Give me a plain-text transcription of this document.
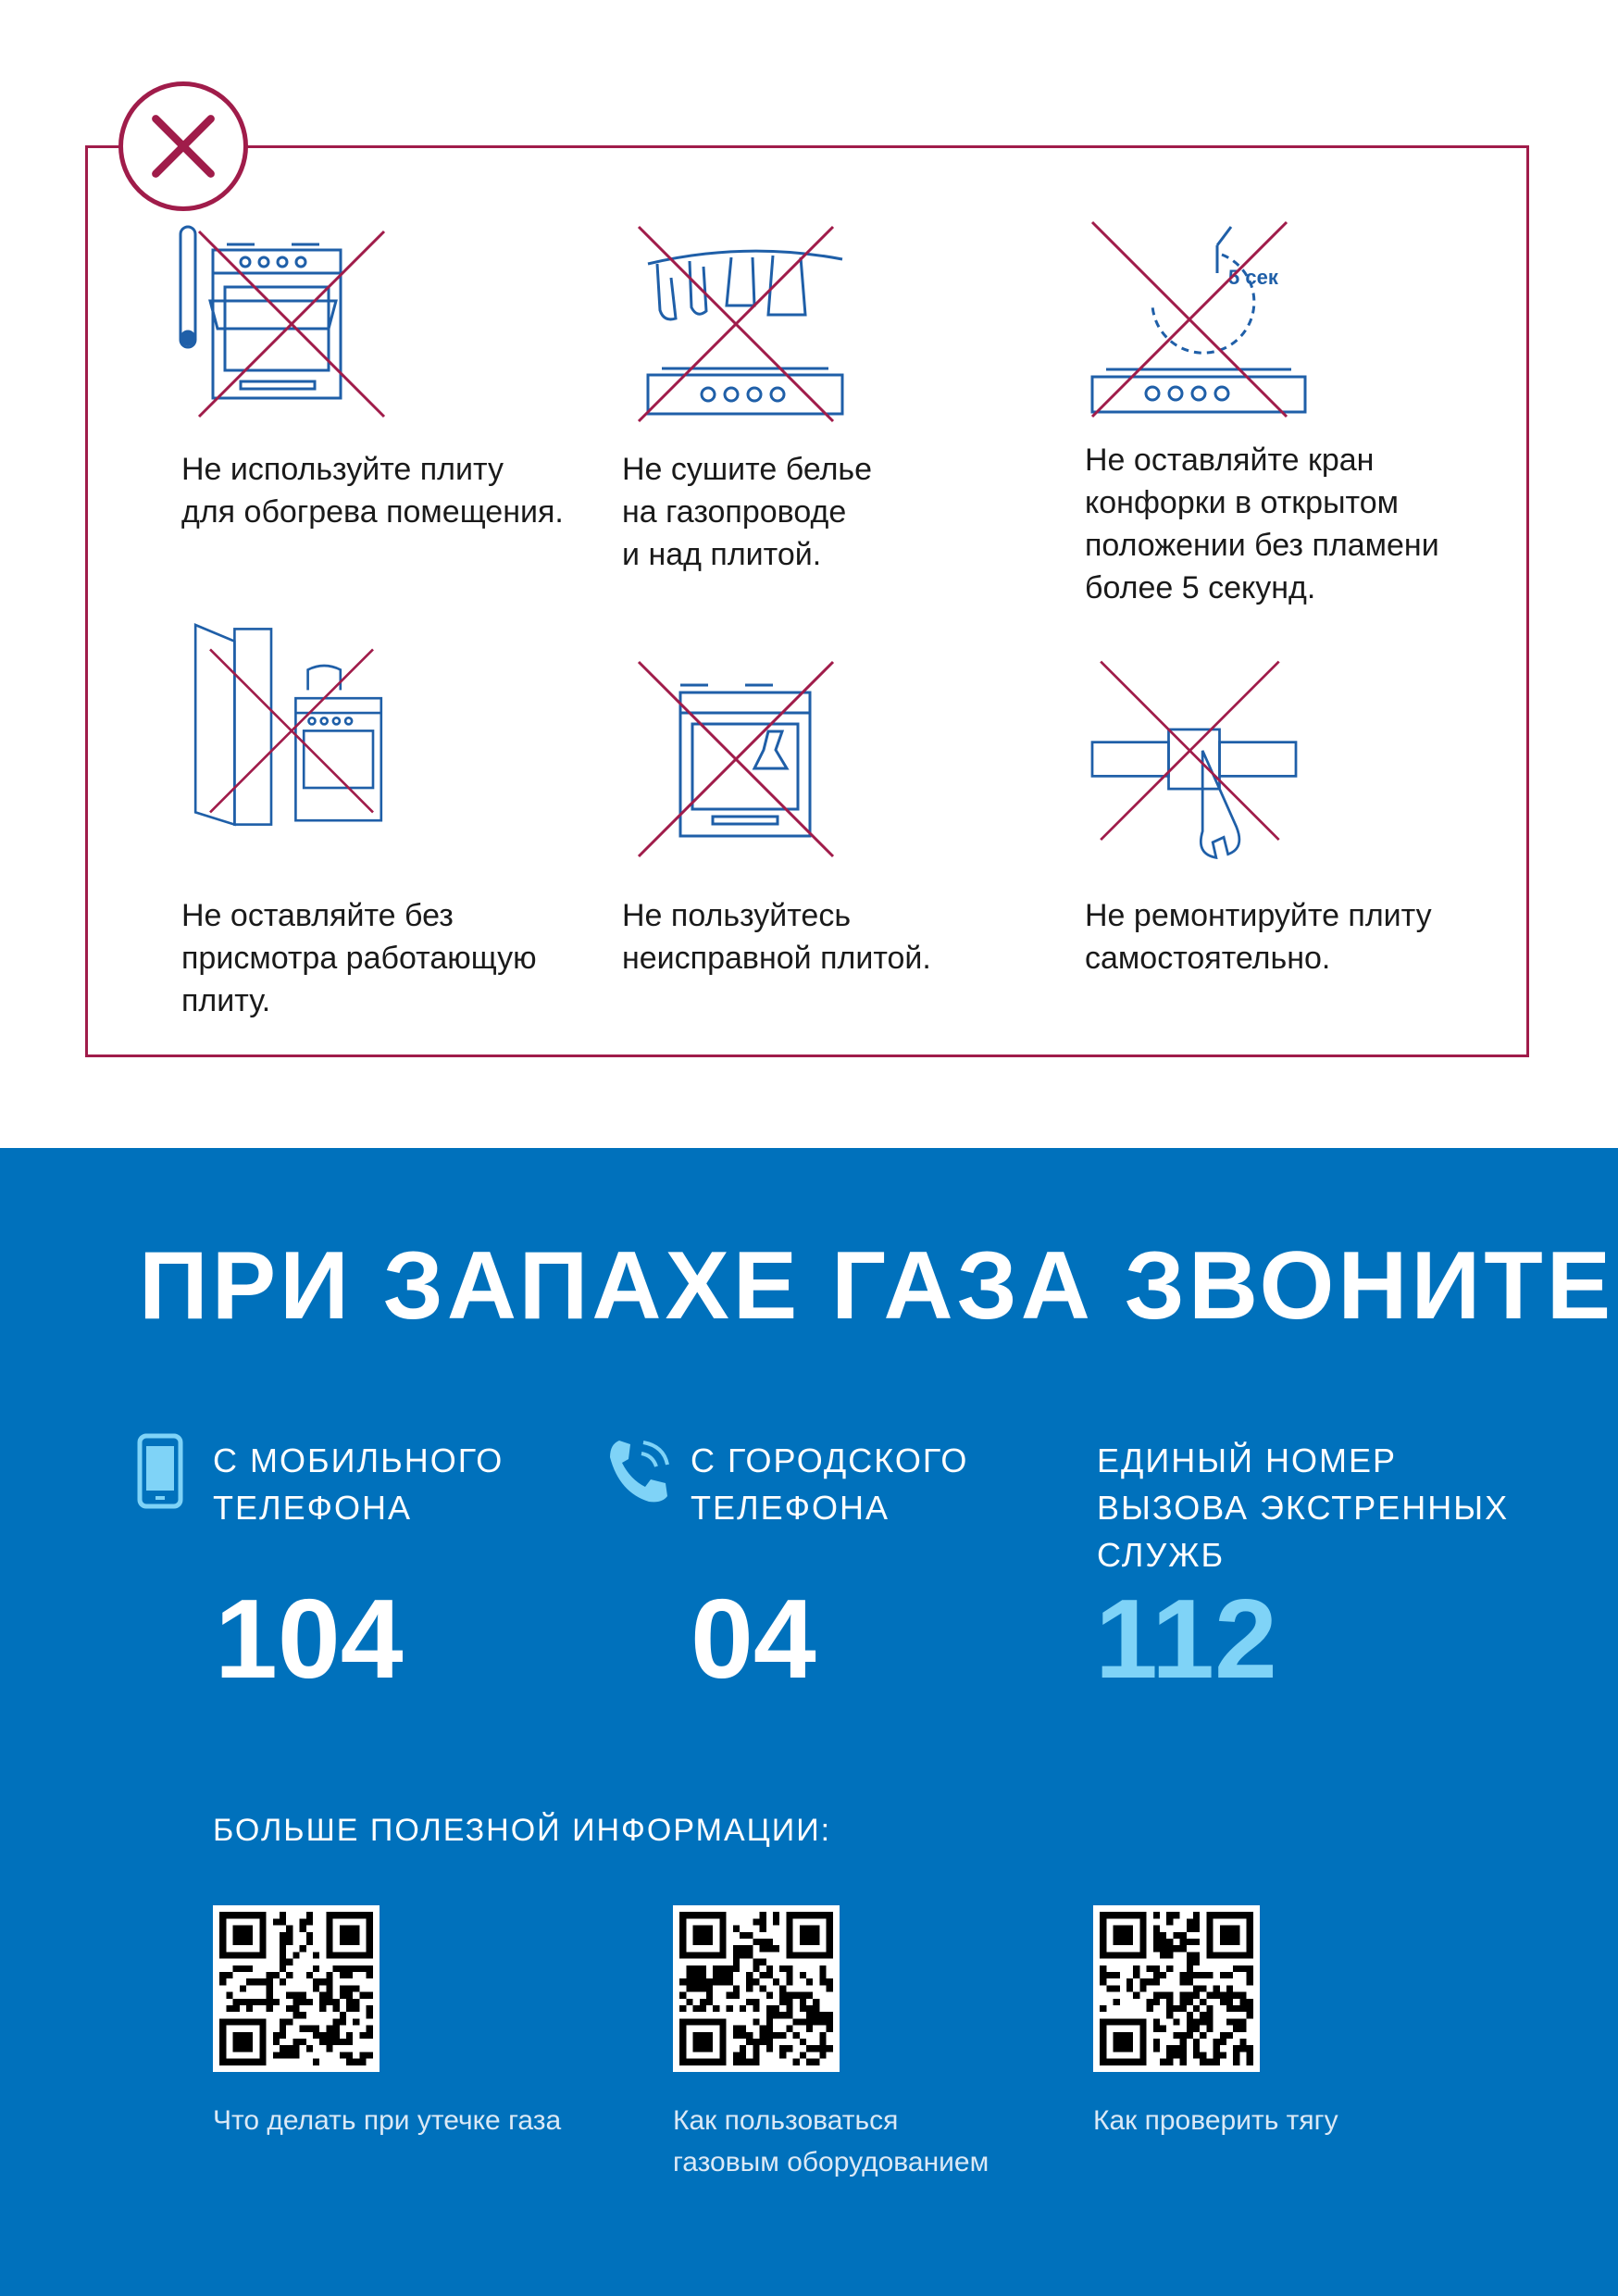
5 сек
Не используйте плиту
для обогрева помещения.
Не сушите белье
на газопроводе
и над плитой.
Не оставляйте кран
конфорки в открытом
положении без пламени
более 5 секунд.
Не оставляйте без
присмотра работающую
плиту.
Не пользуйтесь
неисправной плитой.
Не ремонтируйте плиту
самостоятельно.
ПРИ ЗАПАХЕ ГАЗА ЗВОНИТЕ
С МОБИЛЬНОГО
ТЕЛЕФОНА
С ГОРОДСКОГО
ТЕЛЕФОНА
ЕДИНЫЙ НОМЕР
ВЫЗОВА ЭКСТРЕННЫХ
СЛУЖБ
104	04 112
БОЛЬШЕ ПОЛЕЗНОЙ ИНФОРМАЦИИ:
Что делать при утечке газа	Как пользоваться
газовым оборудованием
Как проверить тягу
